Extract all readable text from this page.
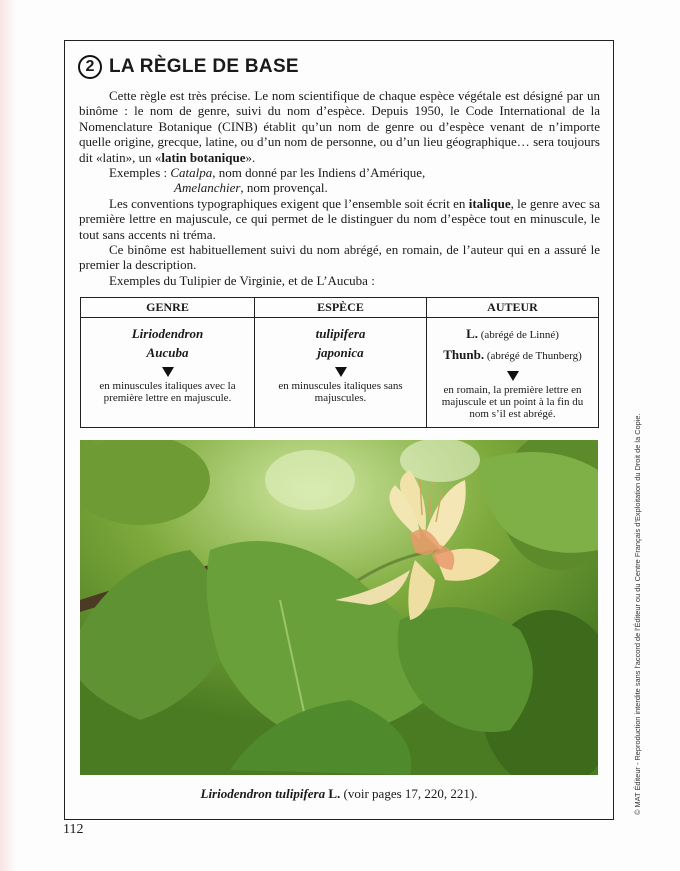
2 LA RÈGLE DE BASE

Cette règle est très précise. Le nom scientifique de chaque espèce végétale est désigné par un binôme : le nom de genre, suivi du nom d’espèce. Depuis 1950, le Code International de la Nomenclature Botanique (CINB) établit qu’un nom de genre ou d’espèce venant de n’importe quelle origine, grecque, latine, ou d’un nom de personne, ou d’un lieu géographique… sera toujours dit «latin», un «latin botanique».

Exemples : Catalpa, nom donné par les Indiens d’Amérique,

Amelanchier, nom provençal.

Les conventions typographiques exigent que l’ensemble soit écrit en italique, le genre avec sa première lettre en majuscule, ce qui permet de le distinguer du nom d’espèce tout en minuscule, le tout sans accents ni tréma.

Ce binôme est habituellement suivi du nom abrégé, en romain, de l’auteur qui en a assuré le premier la description.

Exemples du Tulipier de Virginie, et de L’Aucuba :

GENRE
Liriodendron
Aucuba
en minuscules italiques avec la première lettre en majuscule.
ESPÈCE
tulipifera
japonica
en minuscules italiques sans majuscules.
AUTEUR
L. (abrégé de Linné)
Thunb. (abrégé de Thunberg)
en romain, la première lettre en majuscule et un point à la fin du nom s’il est abrégé.
Liriodendron tulipifera L. (voir pages 17, 220, 221).
112
© MAT Éditeur - Reproduction interdite sans l’accord de l’Éditeur ou du Centre Français d’Exploitation du Droit de la Copie.
